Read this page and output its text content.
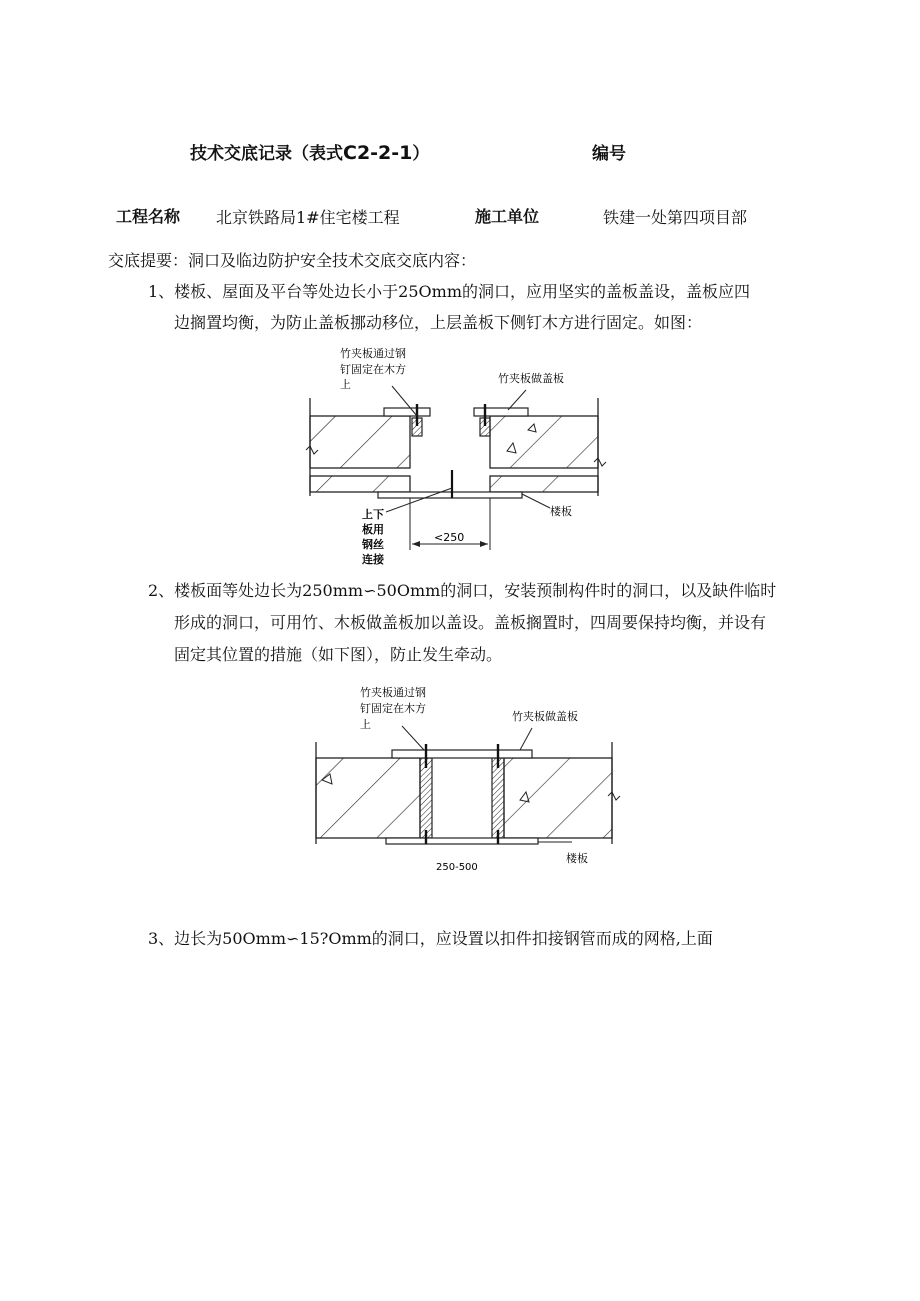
技术交底记录（表式C2-2-1）	编号
工程名称 北京铁路局1#住宅楼工程	施工单位	铁建一处第四项目部
交底提要：洞口及临边防护安全技术交底交底内容：
1、楼板、屋面及平台等处边长小于25Omm的洞口，应用坚实的盖板盖设，盖板应四
边搁置均衡，为防止盖板挪动移位，上层盖板下侧钉木方进行固定。如图：
竹夹板通过钢
钉固定在木方
上	竹夹板做盖板
上下
板用
钢丝
连接
<250
楼板
2、楼板面等处边长为250mm∽50Omm的洞口，安装预制构件时的洞口，以及缺件临时
形成的洞口，可用竹、木板做盖板加以盖设。盖板搁置时，四周要保持均衡，并设有
固定其位置的措施（如下图），防止发生牵动。
竹夹板通过钢
钉固定在木方
上
竹夹板做盖板
250-500
楼板
3、边长为50Omm∽15?Omm的洞口，应设置以扣件扣接钢管而成的网格,上面
